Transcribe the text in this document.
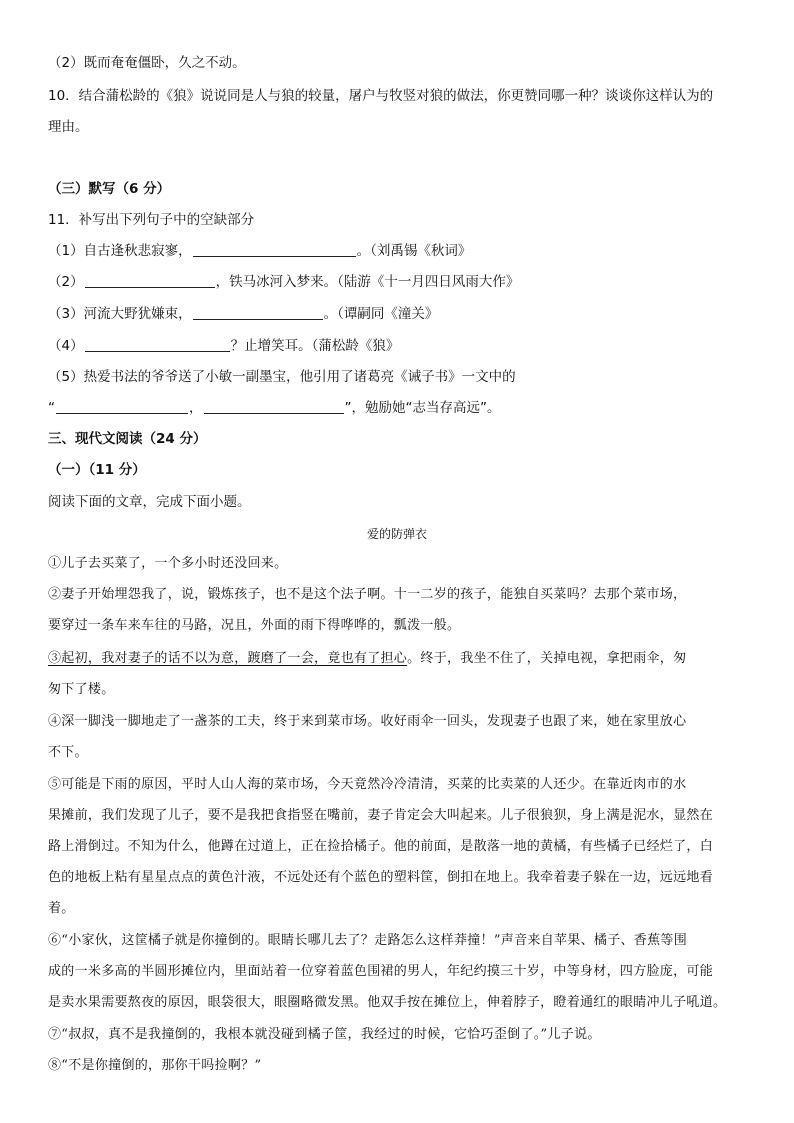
（2）既而奄奄僵卧，久之不动。
10．结合蒲松龄的《狼》说说同是人与狼的较量，屠户与牧竖对狼的做法，你更赞同哪一种？谈谈你这样认为的
理由。
（三）默写（6 分）
11．补写出下列句子中的空缺部分
（1）自古逢秋悲寂寥，	。（刘禹锡《秋词》
（2）	，铁马冰河入梦来。（陆游《十一月四日风雨大作》
（3）河流大野犹嫌束，	。（谭嗣同《潼关》
（4）	？止增笑耳。（蒲松龄《狼》
（5）热爱书法的爷爷送了小敏一副墨宝，他引用了诸葛亮《诫子书》一文中的
“	，	”，勉励她“志当存高远”。
三、现代文阅读（24 分）
（一）（11 分）
阅读下面的文章，完成下面小题。
爱的防弹衣
①儿子去买菜了，一个多小时还没回来。
②妻子开始埋怨我了，说，锻炼孩子，也不是这个法子啊。十一二岁的孩子，能独自买菜吗？去那个菜市场，
要穿过一条车来车往的马路，况且，外面的雨下得哗哗的，瓢泼一般。
③起初，我对妻子的话不以为意，踱磨了一会，竟也有了担心。终于，我坐不住了，关掉电视，拿把雨伞，匆
匆下了楼。
④深一脚浅一脚地走了一盏茶的工夫，终于来到菜市场。收好雨伞一回头，发现妻子也跟了来，她在家里放心
不下。
⑤可能是下雨的原因，平时人山人海的菜市场，今天竟然冷冷清清，买菜的比卖菜的人还少。在靠近肉市的水
果摊前，我们发现了儿子，要不是我把食指竖在嘴前，妻子肯定会大叫起来。儿子很狼狈，身上满是泥水，显然在
路上滑倒过。不知为什么，他蹲在过道上，正在捡拾橘子。他的前面，是散落一地的黄橘，有些橘子已经烂了，白
色的地板上粘有星星点点的黄色汁液，不远处还有个蓝色的塑料筐，倒扣在地上。我牵着妻子躲在一边，远远地看
着。
⑥“小家伙，这筐橘子就是你撞倒的。眼睛长哪儿去了？走路怎么这样莽撞！”声音来自苹果、橘子、香蕉等围
成的一米多高的半圆形摊位内，里面站着一位穿着蓝色围裙的男人，年纪约摸三十岁，中等身材，四方脸庞，可能
是卖水果需要熬夜的原因，眼袋很大，眼圈略微发黑。他双手按在摊位上，伸着脖子，瞪着通红的眼睛冲儿子吼道。
⑦“叔叔，真不是我撞倒的，我根本就没碰到橘子筐，我经过的时候，它恰巧歪倒了。”儿子说。
⑧“不是你撞倒的，那你干吗捡啊？”
